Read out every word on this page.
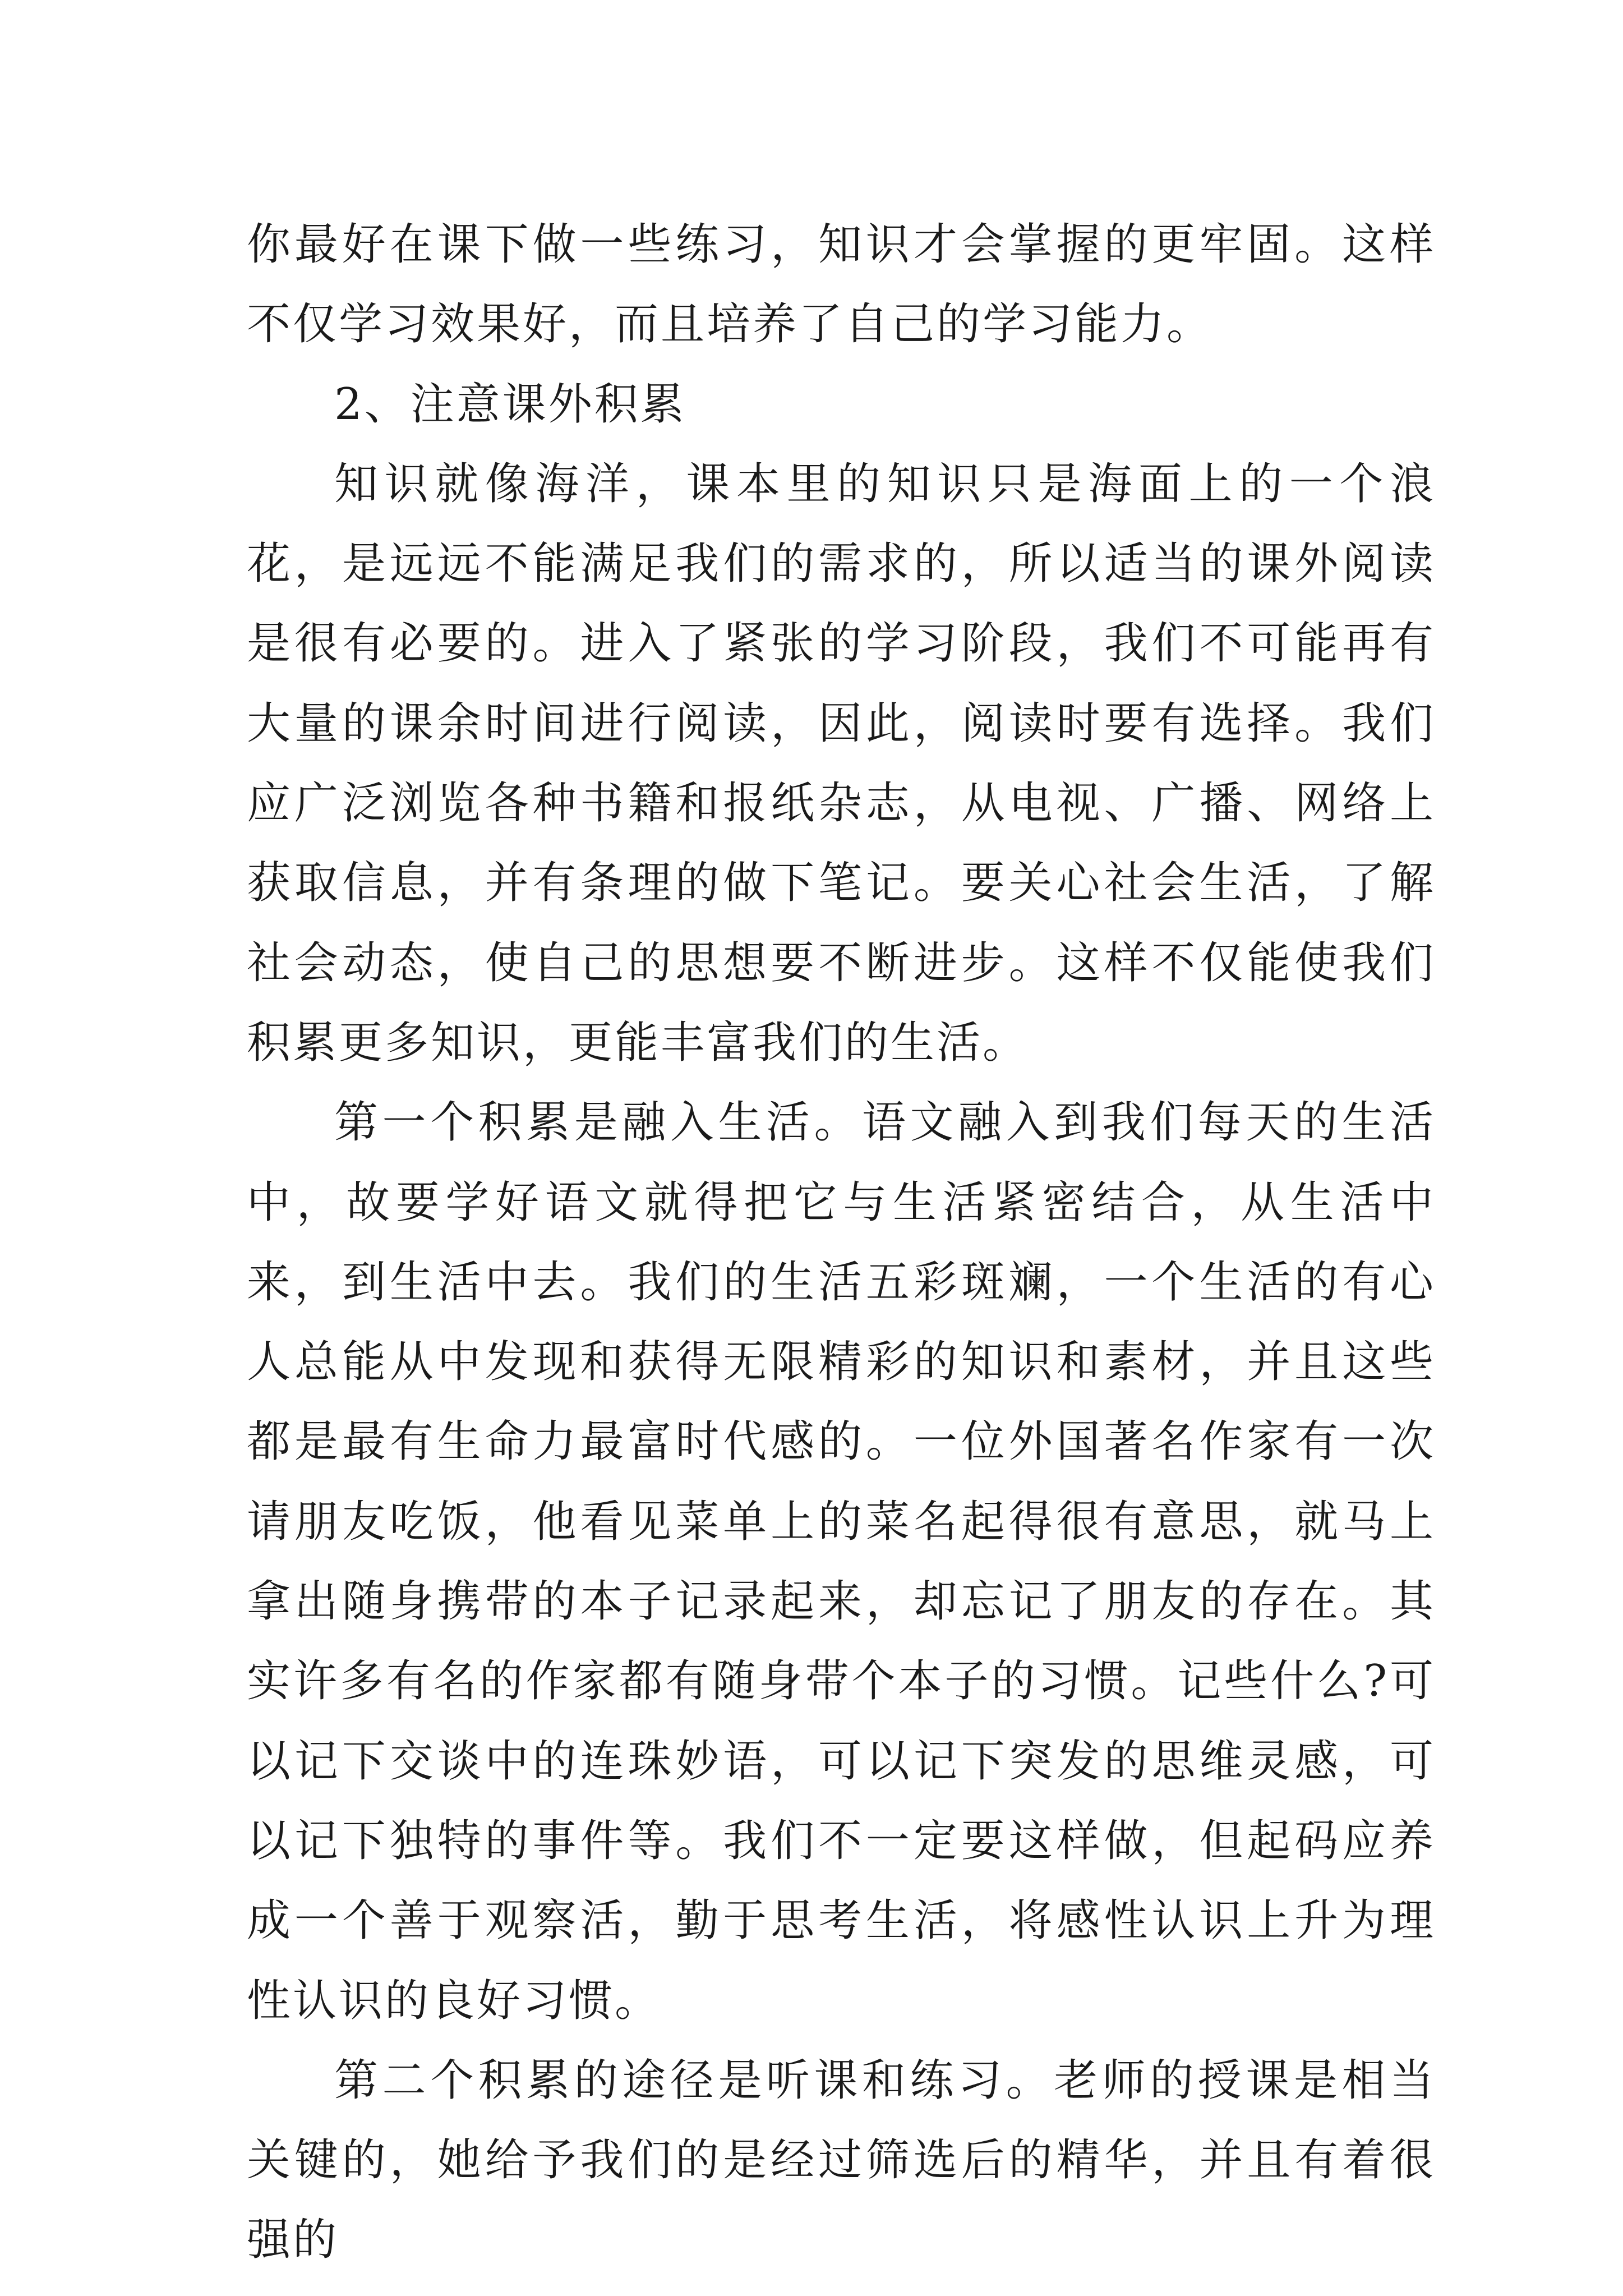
你最好在课下做一些练习，知识才会掌握的更牢固。这样不仅学习效果好，而且培养了自己的学习能力。

2、注意课外积累

知识就像海洋，课本里的知识只是海面上的一个浪花，是远远不能满足我们的需求的，所以适当的课外阅读是很有必要的。进入了紧张的学习阶段，我们不可能再有大量的课余时间进行阅读，因此，阅读时要有选择。我们应广泛浏览各种书籍和报纸杂志，从电视、广播、网络上获取信息，并有条理的做下笔记。要关心社会生活，了解社会动态，使自己的思想要不断进步。这样不仅能使我们积累更多知识，更能丰富我们的生活。

第一个积累是融入生活。语文融入到我们每天的生活中，故要学好语文就得把它与生活紧密结合，从生活中来，到生活中去。我们的生活五彩斑斓，一个生活的有心人总能从中发现和获得无限精彩的知识和素材，并且这些都是最有生命力最富时代感的。一位外国著名作家有一次请朋友吃饭，他看见菜单上的菜名起得很有意思，就马上拿出随身携带的本子记录起来，却忘记了朋友的存在。其实许多有名的作家都有随身带个本子的习惯。记些什么?可以记下交谈中的连珠妙语，可以记下突发的思维灵感，可以记下独特的事件等。我们不一定要这样做，但起码应养成一个善于观察活，勤于思考生活，将感性认识上升为理性认识的良好习惯。

第二个积累的途径是听课和练习。老师的授课是相当关键的，她给予我们的是经过筛选后的精华，并且有着很强的
